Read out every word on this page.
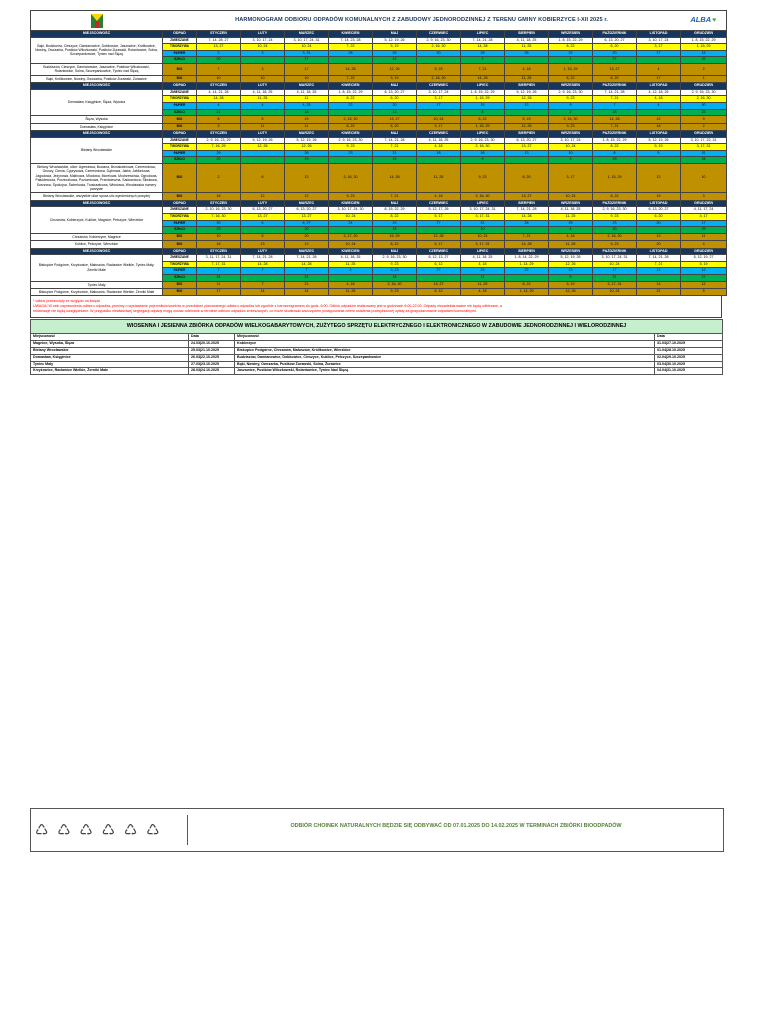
	HARMONOGRAM ODBIORU ODPADÓW KOMUNALNYCH Z ZABUDOWY JEDNORODZINNEJ Z TERENU GMINY KOBIERZYCE I-XII 2025 r.												ALBA ♥
MIEJSCOWOŚĆ	ODPAD	STYCZEŃ	LUTY	MARZEC	KWIECIEŃ	MAJ	CZERWIEC	LIPIEC	SIERPIEŃ	WRZESIEŃ	PAŹDZIERNIK	LISTOPAD	GRUDZIEŃ
Bąki, Budziszów, Cieszyce, Damianowice, Dobkowice, Jaszowice, Królikowice, Nowiny, Owczarka, Pustków Wilczkowski, Pustków Żurawski, Rolantowice, Solna, Szczepankowice, Tyniec nad Ślęzą	ZMIESZANE	7, 14, 28, 27	3, 10, 17, 24	3, 10, 17, 24, 31	7, 14, 23, 28	5, 12, 19, 26	2, 9, 16, 23, 30	7, 14, 21, 28	4, 11, 18, 25	1, 8, 15, 22, 29	6, 13, 20, 27	3, 10, 17, 24	1, 8, 15, 22, 29
	TWORZYWA	13, 27	10, 24	10, 24	7, 22	5, 19	2, 16, 30	14, 28	11, 25	8, 22	6, 20	3, 17	1, 15, 29
	PAPIER	2	3	3, 31	28	26	30	28	25	22	20	17	15
	SZKŁO	20		17		12		7		1	27		22
Budziszów, Cieszyce, Damianowice, Jaszowice, Pustków Wilczkowski, Rolantowice, Solna, Szczepankowice, Tyniec nad Ślęzą	BIO	7	3	17	14, 28	12, 26	9, 23	7, 21	4, 18	1, 15, 29	13, 27	4	2
Bąki, Królikowice, Nowiny, Owczarka, Pustków Żurawski, Żurawice	BIO	10	10	10	7, 22	5, 19	2, 16, 30	14, 28	11, 25	8, 22	6, 20	17	1
MIEJSCOWOŚĆ	ODPAD	STYCZEŃ	LUTY	MARZEC	KWIECIEŃ	MAJ	CZERWIEC	LIPIEC	SIERPIEŃ	WRZESIEŃ	PAŹDZIERNIK	LISTOPAD	GRUDZIEŃ
Domasław, Księginice, Ślęza, Wysoka	ZMIESZANE	4, 14, 21, 28	4, 11, 18, 25	4, 11, 18, 25	1, 8, 15, 22, 29	6, 13, 20, 27	3, 10, 17, 24	1, 8, 15, 22, 29	5, 12, 19, 26	2, 9, 16, 23, 30	7, 14, 21, 28	4, 12, 18, 25	2, 9, 16, 23, 30
	TWORZYWA	14, 28	11, 25	11	8, 22	6, 20	3, 17	1, 15, 29	12, 26	9, 23	7, 21	4, 18	2, 16, 30
	PAPIER	4	4	4, 25	22	20	17	15	12	9	7	4	30
	SZKŁO	21		18		13		8		2	28		23
Ślęza, Wysoka	BIO	8	5	19	2, 15, 30	13, 27	10, 24	8, 22	5, 19	2, 16, 30	14, 28	12	9
Domasław, Księginice	BIO	3	11	11	8, 22	6, 20	3, 17	1, 15, 29	12, 26	9, 23	7, 21	18	2
MIEJSCOWOŚĆ	ODPAD	STYCZEŃ	LUTY	MARZEC	KWIECIEŃ	MAJ	CZERWIEC	LIPIEC	SIERPIEŃ	WRZESIEŃ	PAŹDZIERNIK	LISTOPAD	GRUDZIEŃ
Bielany Wrocławskie	ZMIESZANE	2, 9, 16, 23, 29	5, 12, 19, 26	5, 12, 19, 26	2, 9, 16, 23, 30	7, 14, 21, 28	4, 11, 18, 25	2, 9, 16, 23, 30	6, 13, 20, 27	3, 10, 17, 24	1, 8, 15, 22, 29	5, 12, 19, 26	3, 10, 17, 22, 31
	TWORZYWA	7, 16, 29	12, 26	12, 26	9, 23	7, 21	4, 18	2, 16, 30	13, 27	10, 24	8, 22	5, 19	3, 17, 31
	PAPIER	29		26	23	21	18	16	13	10	8	5	31
	SZKŁO	22		19		14		9		3	29		24
Bielany Wrocławskie, ulice: Agrestowa, Bociana, Brzoskwiniowa, Czereśniowa, Gruszy, Cienia, Cyprysowa, Czereśniowa, Dąbrowa, Jałów, Jabłoniowa, Jagodowa, Jeżynowa, Malinowa, Miodowa, Morelowa, Modrzewiowa, Ogrodowa, Pałukiewicza, Porzeczkowa, Poziomkowa, Przedcieszna, Sadownicza, Śliwkowa, Sosnowa, Śpokojna, Świerkowa, Truskawkowa, Wiśniowa, Wrocławska numery parzyste	BIO	2	6	13	3, 16, 30	14, 28	11, 25	9, 23	6, 20	3, 17	1, 15, 29	13	10
Bielany Wrocławskie, wszystkie ulice spoza ulic wymienionych powyżej	BIO	16	12	12	9, 23	7, 21	4, 18	2, 16, 30	13, 27	10, 24	8, 22	19	3
MIEJSCOWOŚĆ	ODPAD	STYCZEŃ	LUTY	MARZEC	KWIECIEŃ	MAJ	CZERWIEC	LIPIEC	SIERPIEŃ	WRZESIEŃ	PAŹDZIERNIK	LISTOPAD	GRUDZIEŃ
Chrzanów, Kobierzyce, Kuklice, Magnice, Pełczyce, Wierzbice	ZMIESZANE	2, 10, 16, 23, 30	6, 13, 20, 27	6, 13, 20, 27	3, 10, 17, 24, 30	8, 15, 22, 29	5, 12, 17, 26	3, 10, 17, 24, 31	7, 14, 21, 28	4, 11, 18, 25	2, 9, 16, 23, 30	6, 13, 20, 27	4, 11, 17, 24
	TWORZYWA	7, 16, 30	13, 27	13, 27	10, 24	8, 22	5, 17	3, 17, 31	14, 28	11, 25	9, 23	6, 20	4, 17
	PAPIER	30	6	6, 27	24	22	17	31	28	25	23	20	17
	SZKŁO	23		20		15		10		4	30		29
Chrzanów, Kobierzyce, Magnice	BIO	10	6	20	3, 17, 30	15, 29	12, 26	10, 24	7, 21	4, 18	2, 16, 30	13	11
Kuklice, Pełczyce, Wierzbice	BIO	16	13	13	10, 24	8, 22	5, 17	3, 17, 31	14, 28	11, 25	9, 23	20	4
MIEJSCOWOŚĆ	ODPAD	STYCZEŃ	LUTY	MARZEC	KWIECIEŃ	MAJ	CZERWIEC	LIPIEC	SIERPIEŃ	WRZESIEŃ	PAŹDZIERNIK	LISTOPAD	GRUDZIEŃ
Biskupice Podgórne, Krzyżowice, Małuszów, Racławice Wielkie, Tyniec Mały, Żerniki Małe	ZMIESZANE	3, 11, 17, 24, 31	7, 14, 21, 28	7, 14, 21, 28	4, 11, 18, 25	2, 9, 16, 23, 30	6, 12, 13, 27	4, 11, 18, 25	1, 8, 14, 22, 29	5, 12, 19, 26	3, 10, 17, 24, 31	7, 14, 21, 28	5, 12, 19, 27
	TWORZYWA	7, 17, 31	14, 28	14, 28	11, 25	9, 23	6, 12	4, 18	1, 14, 29	12, 26	10, 24	7, 21	5, 19
	PAPIER	7	7	7	2	9, 23	27	25	22	19	17	14	12
	SZKŁO	24		21		16		11		5	31		27
Tyniec Mały	BIO	11	7	21	4, 18	2, 16, 30	13, 27	11, 25	8, 22	5, 19	3, 17, 31	14	12
Biskupice Podgórne, Krzyżowice, Małuszów, Racławice Wielkie, Żerniki Małe	BIO	17	14	14	11, 25	9, 23	6, 12	4, 18	1, 14, 29	12, 26	10, 24	21	5
* odbiór przesunięty ze względu na święta
UWAGA! W celu usprawnienia odbioru odpadów, prosimy o wystawianie pojemników/worków w przeddzień planowanego odbioru odpadów lub zgodnie z harmonogramem do godz. 6:00. Odbiór odpadów realizowany jest w godzinach 6:00-22:00. Odpady niezadeklarowane nie będą odbierane, a
reklamacje nie będą uwzględniane. W przypadku niewłaściwej segregacji odpady mogą zostać odebrane w terminie odbioru odpadów zmieszanych, co może skutkować wszczęciem postępowania celem ustalenia podwyższonej opłaty za gospodarowanie odpadami komunalnymi.
WIOSENNA I JESIENNA ZBIÓRKA ODPADÓW WIELKOGABARYTOWYCH, ZUŻYTEGO SPRZĘTU ELEKTRYCZNEGO I ELEKTRONICZNEGO W ZABUDOWIE JEDNORODZINNEJ I WIELORODZINNEJ			
Miejscowość	Data	Miejscowość	Data
Magnice, Wysoka, Ślęza	24.03|20.10.2025	Kobierzyce	31.03|27.10.2025
Bielany Wrocławskie	25.03|21.10.2025	Biskupice Podgórne, Chrzanów, Małuszów, Królikowice, Wierzbice	01.04|28.10.2025
Domasław, Księginice	26.03|22.10.2025	Budziszów, Damianowice, Dobkowice, Cieszyce, Kuklice, Pełczyce, Szczepankowice	02.04|29.10.2025
Tyniec Mały	27.03|23.10.2025	Bąki, Nowiny, Owczarka, Pustków Żurawski, Solna, Żurawice	03.04|30.10.2025
Krzyżowice, Racławice Wielkie, Żerniki Małe	28.03|24.10.2025	Jaszowice, Pustków Wilczkowski, Rolantowice, Tyniec Nad Ślęzą	04.04|31.10.2025
♺ ♺ ♺ ♺ ♺ ♺	ODBIÓR CHOINEK NATURALNYCH BĘDZIE SIĘ ODBYWAĆ OD 07.01.2025 DO 14.02.2025 W TERMINACH ZBIÓRKI BIOODPADÓW
